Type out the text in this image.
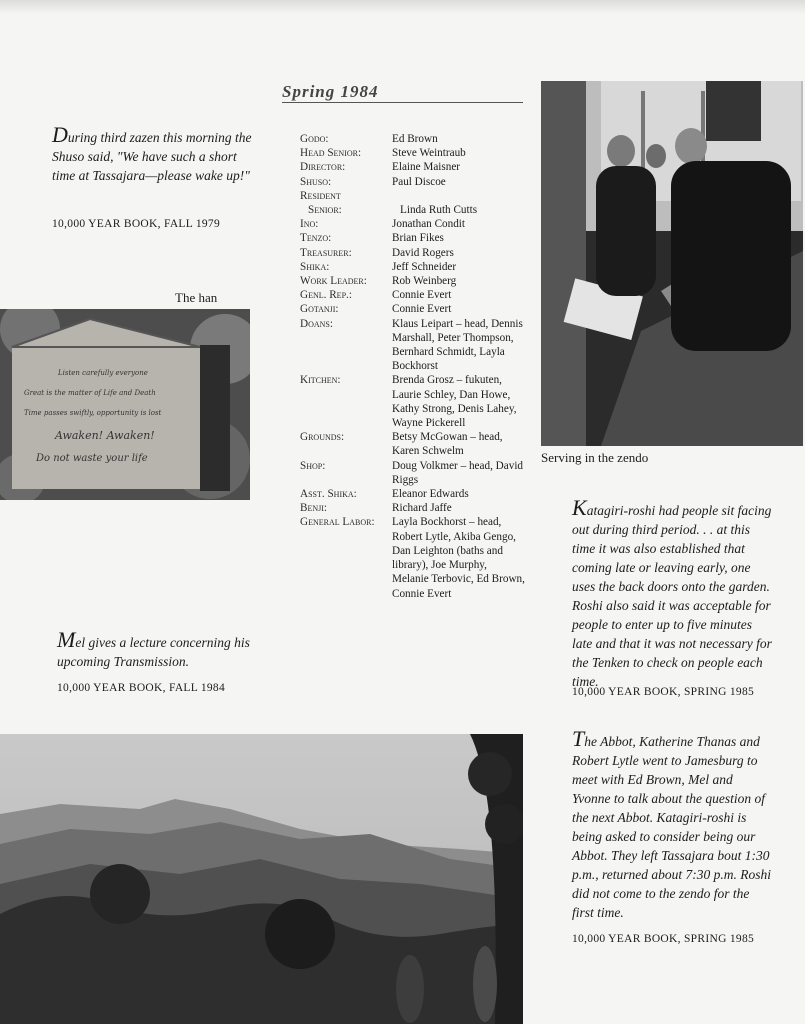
Spring 1984

During third zazen this morning the Shuso said, "We have such a short time at Tassajara—please wake up!"

10,000 YEAR BOOK, FALL 1979

The han
Listen carefully everyone
Great is the matter of Life and Death
Time passes swiftly, opportunity is lost
Awaken! Awaken!
Do not waste your life
Godo:	Ed Brown
Head Senior:	Steve Weintraub
Director:	Elaine Maisner
Shuso:	Paul Discoe
Resident
Senior:	Linda Ruth Cutts
Ino:	Jonathan Condit
Tenzo:	Brian Fikes
Treasurer:	David Rogers
Shika:	Jeff Schneider
Work Leader:	Rob Weinberg
Genl. Rep.:	Connie Evert
Gotanji:	Connie Evert
Doans:	Klaus Leipart – head, Dennis Marshall, Peter Thompson, Bernhard Schmidt, Layla Bockhorst
Kitchen:	Brenda Grosz – fukuten, Laurie Schley, Dan Howe, Kathy Strong, Denis Lahey, Wayne Pickerell
Grounds:	Betsy McGowan – head, Karen Schwelm
Shop:	Doug Volkmer – head, David Riggs
Asst. Shika:	Eleanor Edwards
Benji:	Richard Jaffe
General Labor:	Layla Bockhorst – head, Robert Lytle, Akiba Gengo, Dan Leighton (baths and library), Joe Murphy, Melanie Terbovic, Ed Brown, Connie Evert
Serving in the zendo

Katagiri-roshi had people sit facing out during third period. . . at this time it was also established that coming late or leaving early, one uses the back doors onto the garden. Roshi also said it was acceptable for people to enter up to five minutes late and that it was not necessary for the Tenken to check on people each time.

10,000 YEAR BOOK, SPRING 1985

Mel gives a lecture concerning his upcoming Transmission.

10,000 YEAR BOOK, FALL 1984

The Abbot, Katherine Thanas and Robert Lytle went to Jamesburg to meet with Ed Brown, Mel and Yvonne to talk about the question of the next Abbot. Katagiri-roshi is being asked to consider being our Abbot. They left Tassajara bout 1:30 p.m., returned about 7:30 p.m. Roshi did not come to the zendo for the first time.

10,000 YEAR BOOK, SPRING 1985
